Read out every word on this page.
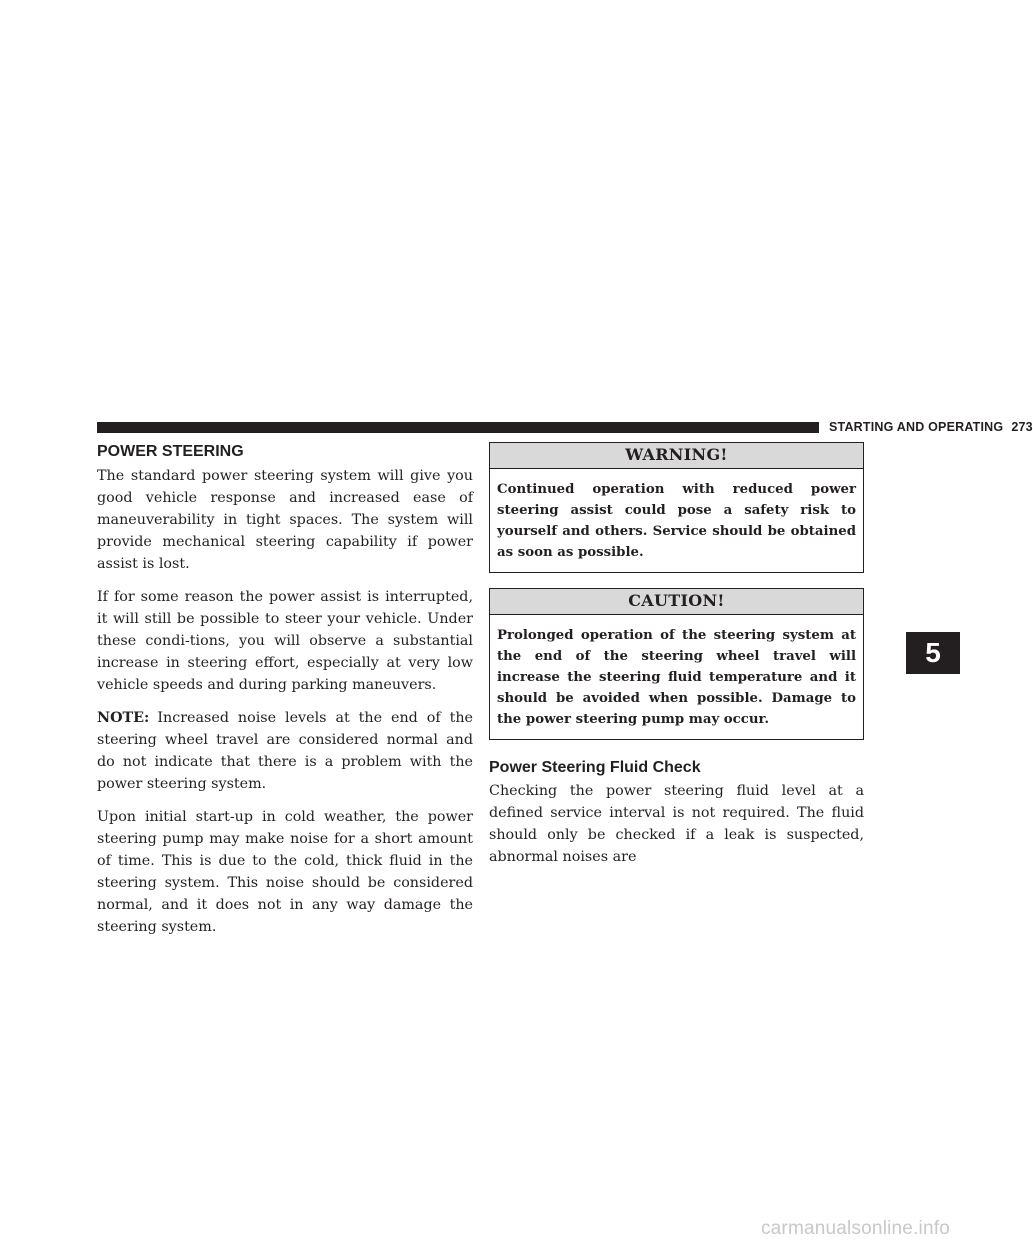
STARTING AND OPERATING 273
POWER STEERING

The standard power steering system will give you good vehicle response and increased ease of maneuverability in tight spaces. The system will provide mechanical steering capability if power assist is lost.

If for some reason the power assist is interrupted, it will still be possible to steer your vehicle. Under these condi-tions, you will observe a substantial increase in steering effort, especially at very low vehicle speeds and during parking maneuvers.

NOTE: Increased noise levels at the end of the steering wheel travel are considered normal and do not indicate that there is a problem with the power steering system.

Upon initial start-up in cold weather, the power steering pump may make noise for a short amount of time. This is due to the cold, thick fluid in the steering system. This noise should be considered normal, and it does not in any way damage the steering system.

WARNING!
Continued operation with reduced power steering assist could pose a safety risk to yourself and others. Service should be obtained as soon as possible.
CAUTION!
Prolonged operation of the steering system at the end of the steering wheel travel will increase the steering fluid temperature and it should be avoided when possible. Damage to the power steering pump may occur.
Power Steering Fluid Check

Checking the power steering fluid level at a defined service interval is not required. The fluid should only be checked if a leak is suspected, abnormal noises are

5
carmanualsonline.info
